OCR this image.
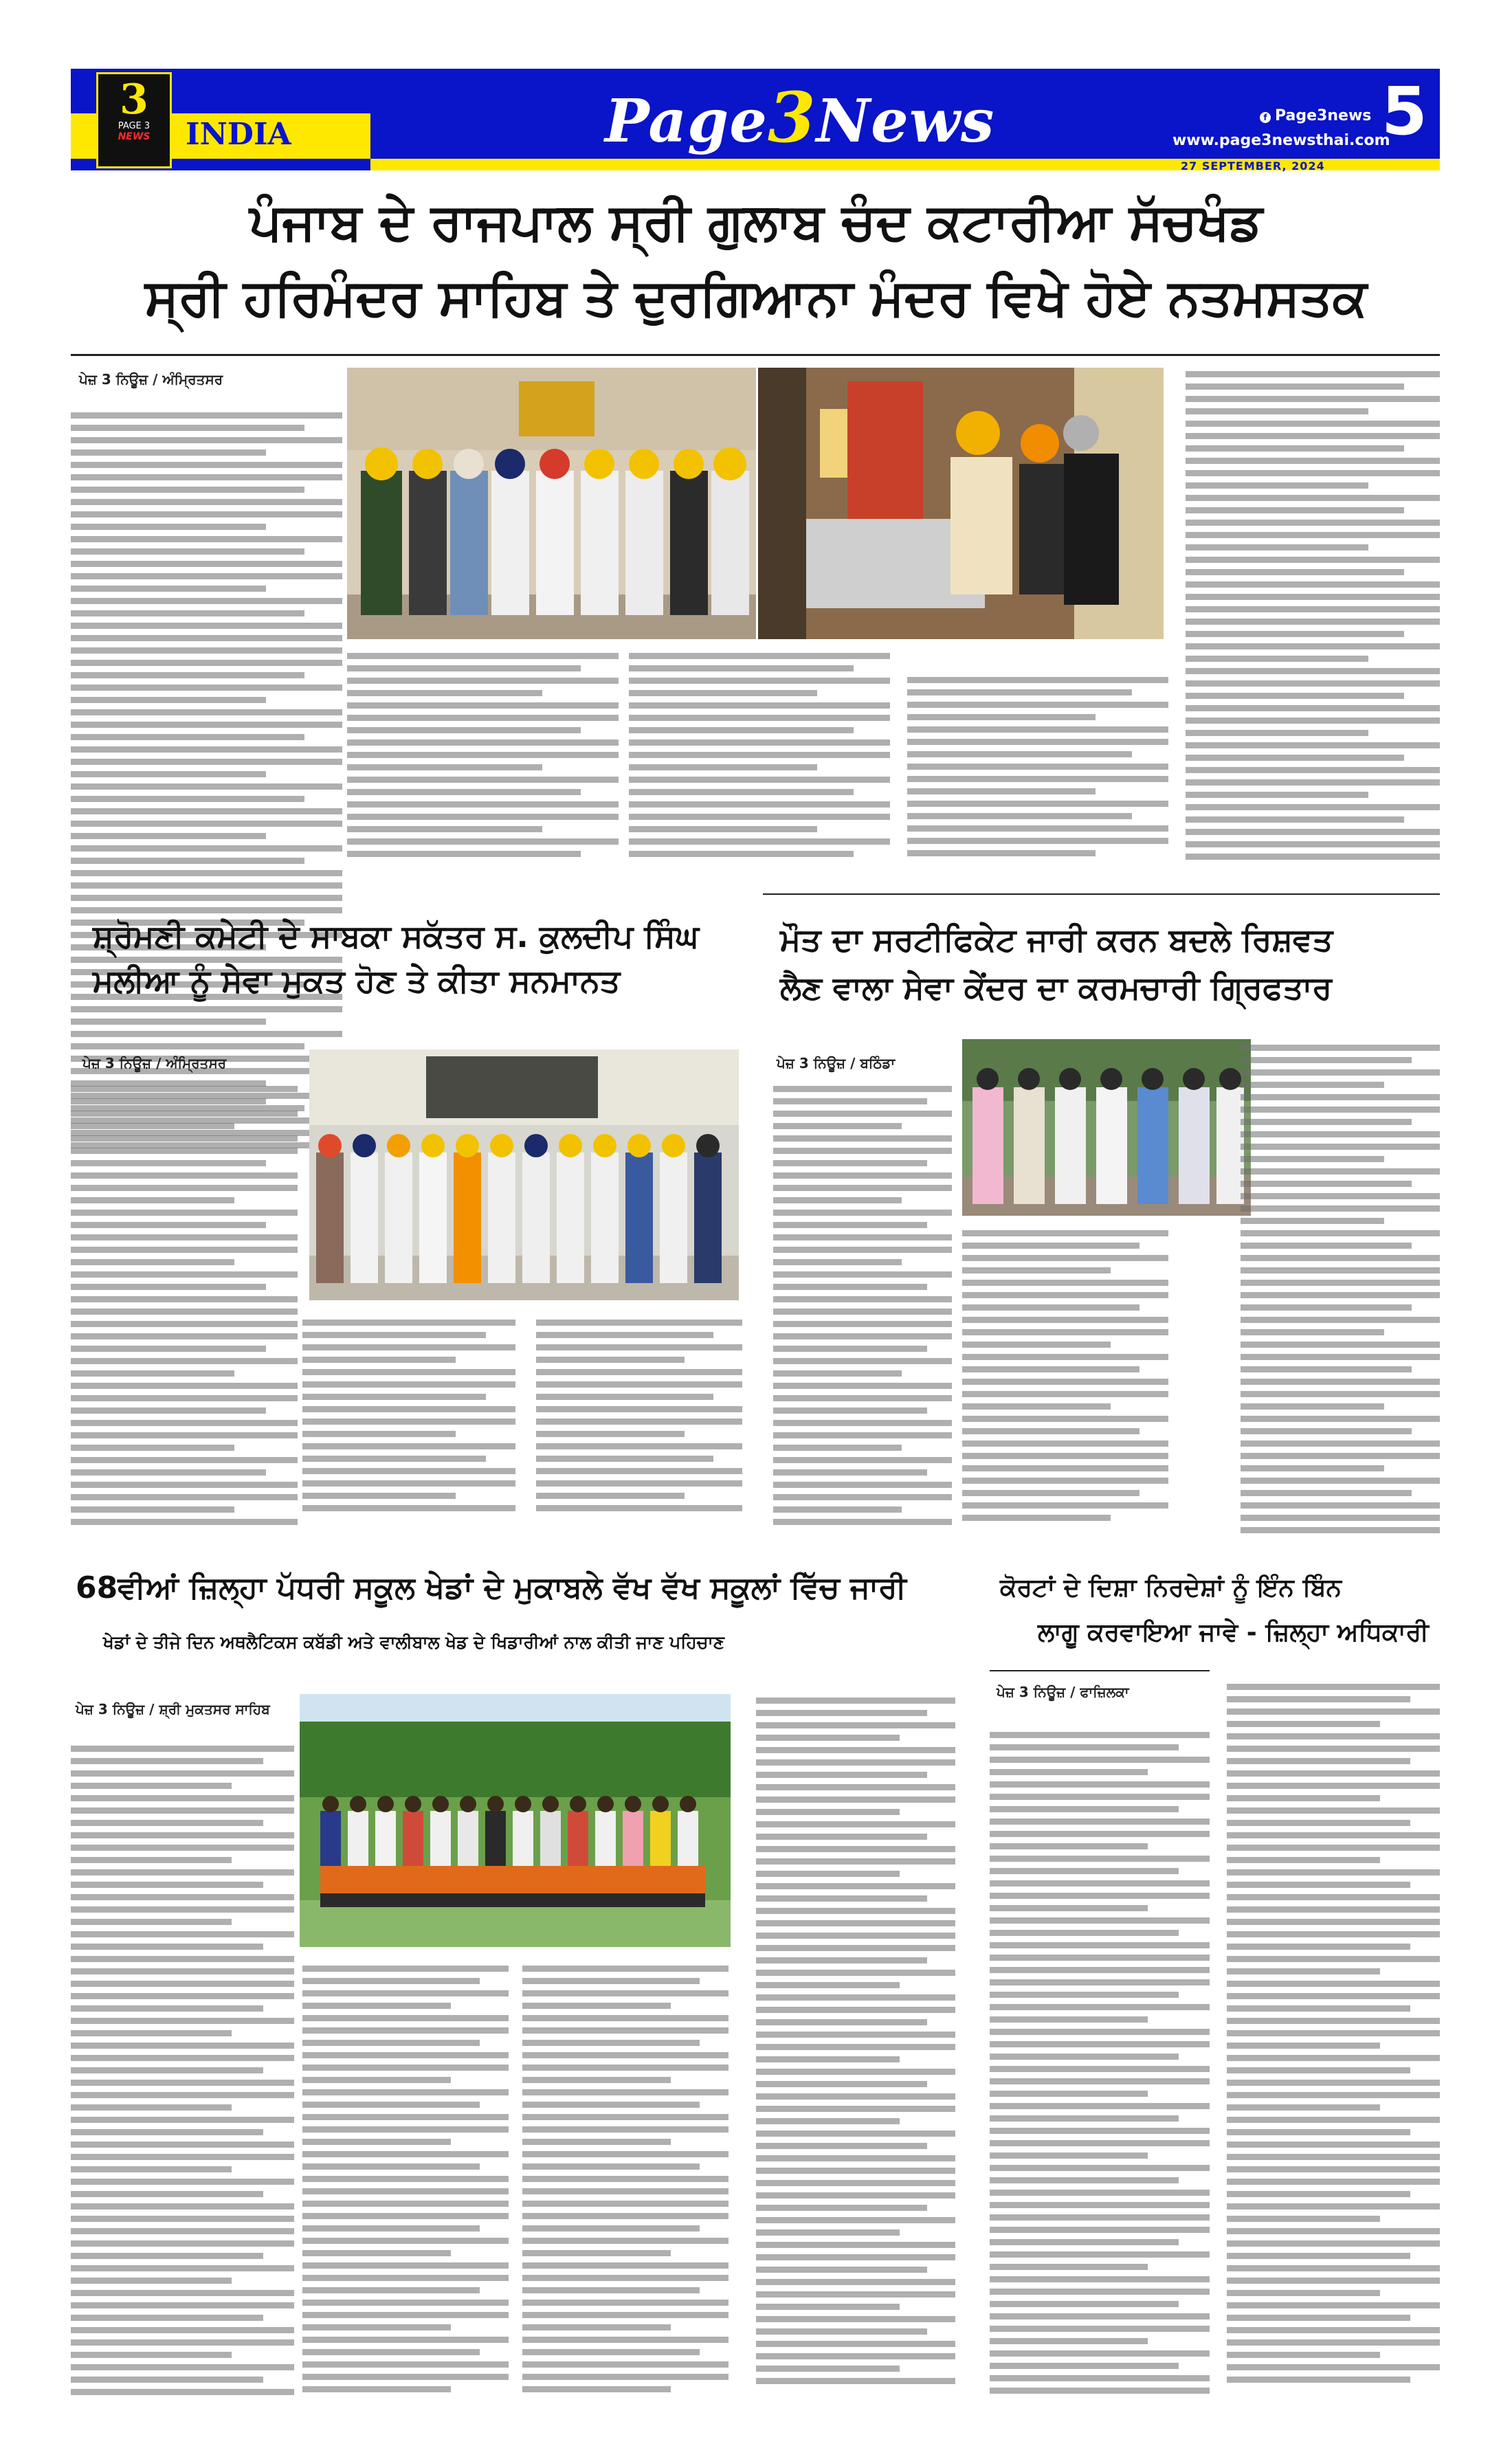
3
PAGE 3
NEWS	INDIA	Page3News	f Page3news
www.page3newsthai.com
5
27 SEPTEMBER, 2024
ਪੰਜਾਬ ਦੇ ਰਾਜਪਾਲ ਸ੍ਰੀ ਗੁਲਾਬ ਚੰਦ ਕਟਾਰੀਆ ਸੱਚਖੰਡ
ਸ੍ਰੀ ਹਰਿਮੰਦਰ ਸਾਹਿਬ ਤੇ ਦੁਰਗਿਆਨਾ ਮੰਦਰ ਵਿਖੇ ਹੋਏ ਨਤਮਸਤਕ
ਪੇਜ਼ 3 ਨਿਊਜ਼ / ਅੰਮ੍ਰਿਤਸਰ
ਸ਼੍ਰੋਮਣੀ ਕਮੇਟੀ ਦੇ ਸਾਬਕਾ ਸਕੱਤਰ ਸ. ਕੁਲਦੀਪ ਸਿੰਘ
ਮਲੀਆ ਨੂੰ ਸੇਵਾ ਮੁਕਤ ਹੋਣ ਤੇ ਕੀਤਾ ਸਨਮਾਨਤ
ਪੇਜ਼ 3 ਨਿਊਜ਼ / ਅੰਮ੍ਰਿਤਸਰ
ਮੌਤ ਦਾ ਸਰਟੀਫਿਕੇਟ ਜਾਰੀ ਕਰਨ ਬਦਲੇ ਰਿਸ਼ਵਤ
ਲੈਣ ਵਾਲਾ ਸੇਵਾ ਕੇਂਦਰ ਦਾ ਕਰਮਚਾਰੀ ਗ੍ਰਿਫਤਾਰ
ਪੇਜ਼ 3 ਨਿਊਜ਼ / ਬਠਿੰਡਾ
68ਵੀਆਂ ਜ਼ਿਲ੍ਹਾ ਪੱਧਰੀ ਸਕੂਲ ਖੇਡਾਂ ਦੇ ਮੁਕਾਬਲੇ ਵੱਖ ਵੱਖ ਸਕੂਲਾਂ ਵਿੱਚ ਜਾਰੀ
ਖੇਡਾਂ ਦੇ ਤੀਜੇ ਦਿਨ ਅਥਲੈਟਿਕਸ ਕਬੱਡੀ ਅਤੇ ਵਾਲੀਬਾਲ ਖੇਡ ਦੇ ਖਿਡਾਰੀਆਂ ਨਾਲ ਕੀਤੀ ਜਾਣ ਪਹਿਚਾਣ
ਪੇਜ਼ 3 ਨਿਊਜ਼ / ਸ਼੍ਰੀ ਮੁਕਤਸਰ ਸਾਹਿਬ
ਕੋਰਟਾਂ ਦੇ ਦਿਸ਼ਾ ਨਿਰਦੇਸ਼ਾਂ ਨੂੰ ਇੰਨ ਬਿੰਨ
ਲਾਗੂ ਕਰਵਾਇਆ ਜਾਵੇ - ਜ਼ਿਲ੍ਹਾ ਅਧਿਕਾਰੀ
ਪੇਜ਼ 3 ਨਿਊਜ਼ / ਫਾਜ਼ਿਲਕਾ
